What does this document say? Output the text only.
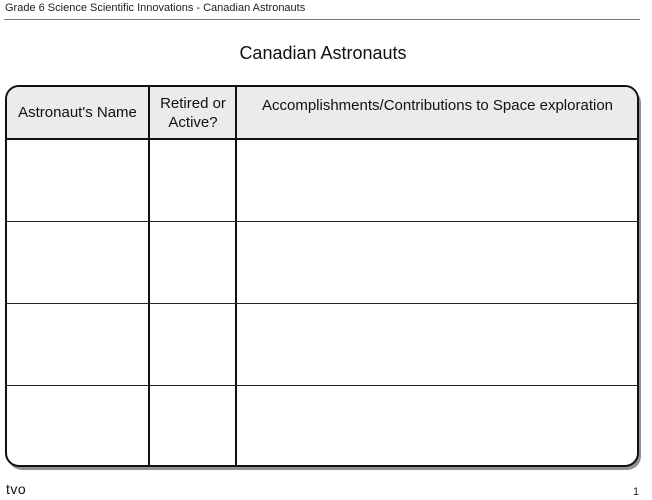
Grade 6 Science Scientific Innovations - Canadian Astronauts
Canadian Astronauts
Astronaut's Name
Retired or Active?
Accomplishments/Contributions to Space exploration
tvo	1
